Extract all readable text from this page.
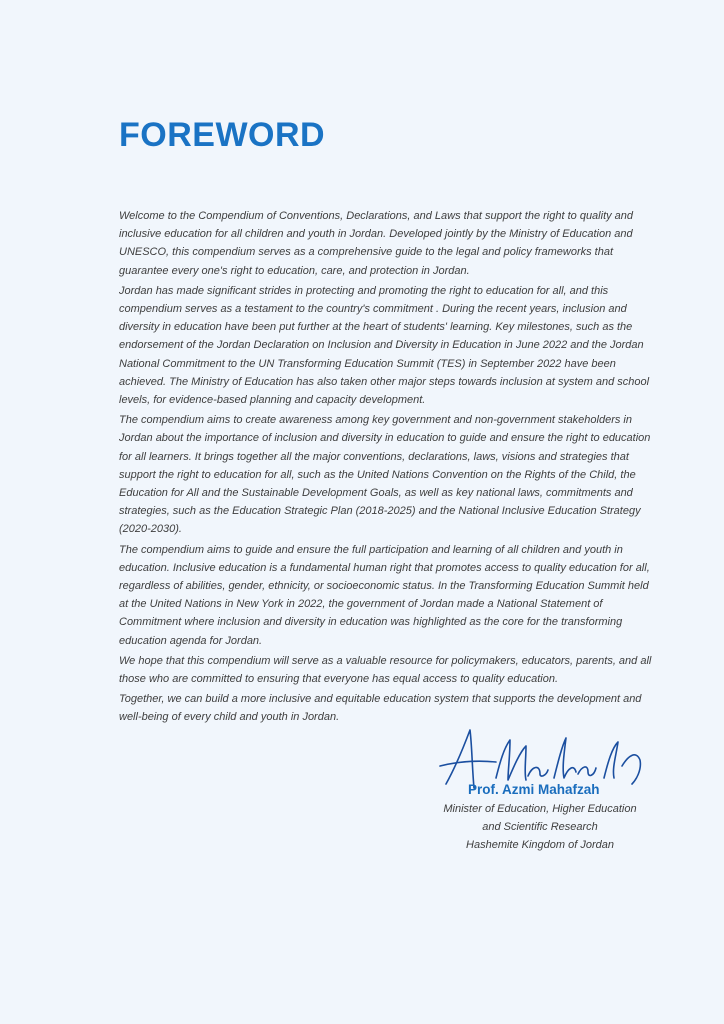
FOREWORD

Welcome to the Compendium of Conventions, Declarations, and Laws that support the right to quality and inclusive education for all children and youth in Jordan. Developed jointly by the Ministry of Education and UNESCO, this compendium serves as a comprehensive guide to the legal and policy frameworks that guarantee every one's right to education, care, and protection in Jordan.

Jordan has made significant strides in protecting and promoting the right to education for all, and this compendium serves as a testament to the country's commitment . During the recent years, inclusion and diversity in education have been put further at the heart of students' learning. Key milestones, such as the endorsement of the Jordan Declaration on Inclusion and Diversity in Education in June 2022 and the Jordan National Commitment to the UN Transforming Education Summit (TES) in September 2022 have been achieved. The Ministry of Education has also taken other major steps towards inclusion at system and school levels, for evidence-based planning and capacity development.

The compendium aims to create awareness among key government and non-government stakeholders in Jordan about the importance of inclusion and diversity in education to guide and ensure the right to education for all learners. It brings together all the major conventions, declarations, laws, visions and strategies that support the right to education for all, such as the United Nations Convention on the Rights of the Child, the Education for All and the Sustainable Development Goals, as well as key national laws, commitments and strategies, such as the Education Strategic Plan (2018-2025) and the National Inclusive Education Strategy (2020-2030).

The compendium aims to guide and ensure the full participation and learning of all children and youth in education. Inclusive education is a fundamental human right that promotes access to quality education for all, regardless of abilities, gender, ethnicity, or socioeconomic status. In the Transforming Education Summit held at the United Nations in New York in 2022, the government of Jordan made a National Statement of Commitment where inclusion and diversity in education was highlighted as the core for the transforming education agenda for Jordan.

We hope that this compendium will serve as a valuable resource for policymakers, educators, parents, and all those who are committed to ensuring that everyone has equal access to quality education.

Together, we can build a more inclusive and equitable education system that supports the development and well-being of every child and youth in Jordan.

Prof. Azmi Mahafzah
Minister of Education, Higher Education
and Scientific Research
Hashemite Kingdom of Jordan
